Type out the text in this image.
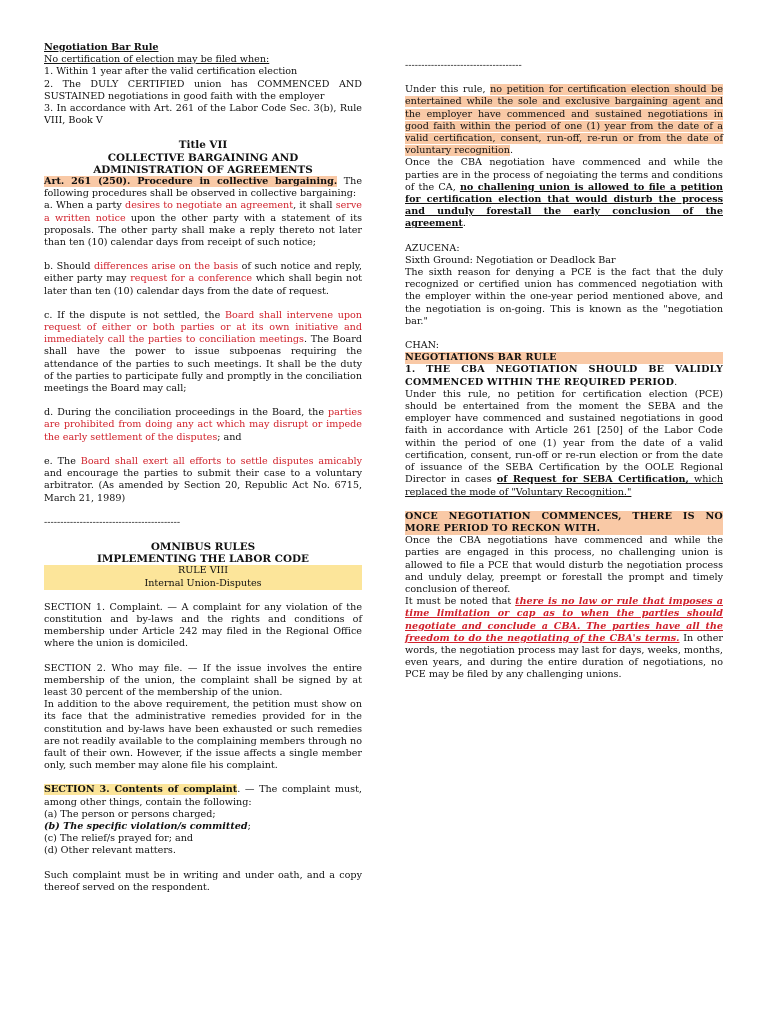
Negotiation Bar Rule

No certification of election may be filed when:

1. Within 1 year after the valid certification election

2. The DULY CERTIFIED union has COMMENCED AND SUSTAINED negotiations in good faith with the employer

3. In accordance with Art. 261 of the Labor Code Sec. 3(b), Rule VIII, Book V

Title VII
COLLECTIVE BARGAINING AND
ADMINISTRATION OF AGREEMENTS

Art. 261 (250). Procedure in collective bargaining. The following procedures shall be observed in collective bargaining:

a. When a party desires to negotiate an agreement, it shall serve a written notice upon the other party with a statement of its proposals. The other party shall make a reply thereto not later than ten (10) calendar days from receipt of such notice;

b. Should differences arise on the basis of such notice and reply, either party may request for a conference which shall begin not later than ten (10) calendar days from the date of request.

c. If the dispute is not settled, the Board shall intervene upon request of either or both parties or at its own initiative and immediately call the parties to conciliation meetings. The Board shall have the power to issue subpoenas requiring the attendance of the parties to such meetings. It shall be the duty of the parties to participate fully and promptly in the conciliation meetings the Board may call;

d. During the conciliation proceedings in the Board, the parties are prohibited from doing any act which may disrupt or impede the early settlement of the disputes; and

e. The Board shall exert all efforts to settle disputes amicably and encourage the parties to submit their case to a voluntary arbitrator. (As amended by Section 20, Republic Act No. 6715, March 21, 1989)

------------------------------------------

OMNIBUS RULES
IMPLEMENTING THE LABOR CODE
RULE VIII
Internal Union-Disputes

SECTION 1. Complaint. — A complaint for any violation of the constitution and by-laws and the rights and conditions of membership under Article 242 may filed in the Regional Office where the union is domiciled.

SECTION 2. Who may file. — If the issue involves the entire membership of the union, the complaint shall be signed by at least 30 percent of the membership of the union.

In addition to the above requirement, the petition must show on its face that the administrative remedies provided for in the constitution and by-laws have been exhausted or such remedies are not readily available to the complaining members through no fault of their own. However, if the issue affects a single member only, such member may alone file his complaint.

SECTION 3. Contents of complaint. — The complaint must, among other things, contain the following:

(a) The person or persons charged;

(b) The specific violation/s committed;

(c) The relief/s prayed for; and

(d) Other relevant matters.

Such complaint must be in writing and under oath, and a copy thereof served on the respondent.

------------------------------------

Under this rule, no petition for certification election should be entertained while the sole and exclusive bargaining agent and the employer have commenced and sustained negotiations in good faith within the period of one (1) year from the date of a valid certification, consent, run-off, re-run or from the date of voluntary recognition.

Once the CBA negotiation have commenced and while the parties are in the process of negoiating the terms and conditions of the CA, no challening union is allowed to file a petition for certification election that would disturb the process and unduly forestall the early conclusion of the agreement.

AZUCENA:

Sixth Ground: Negotiation or Deadlock Bar

The sixth reason for denying a PCE is the fact that the duly recognized or certified union has commenced negotiation with the employer within the one-year period mentioned above, and the negotiation is on-going. This is known as the "negotiation bar."

CHAN:

NEGOTIATIONS BAR RULE

1. THE CBA NEGOTIATION SHOULD BE VALIDLY COMMENCED WITHIN THE REQUIRED PERIOD.

Under this rule, no petition for certification election (PCE) should be entertained from the moment the SEBA and the employer have commenced and sustained negotiations in good faith in accordance with Article 261 [250] of the Labor Code within the period of one (1) year from the date of a valid certification, consent, run-off or re-run election or from the date of issuance of the SEBA Certification by the OOLE Regional Director in cases of Request for SEBA Certification, which replaced the mode of "Voluntary Recognition."

ONCE NEGOTIATION COMMENCES, THERE IS NO MORE PERIOD TO RECKON WITH.

Once the CBA negotiations have commenced and while the parties are engaged in this process, no challenging union is allowed to file a PCE that would disturb the negotiation process and unduly delay, preempt or forestall the prompt and timely conclusion of thereof.

It must be noted that there is no law or rule that imposes a time limitation or cap as to when the parties should negotiate and conclude a CBA. The parties have all the freedom to do the negotiating of the CBA's terms. In other words, the negotiation process may last for days, weeks, months, even years, and during the entire duration of negotiations, no PCE may be filed by any challenging unions.
